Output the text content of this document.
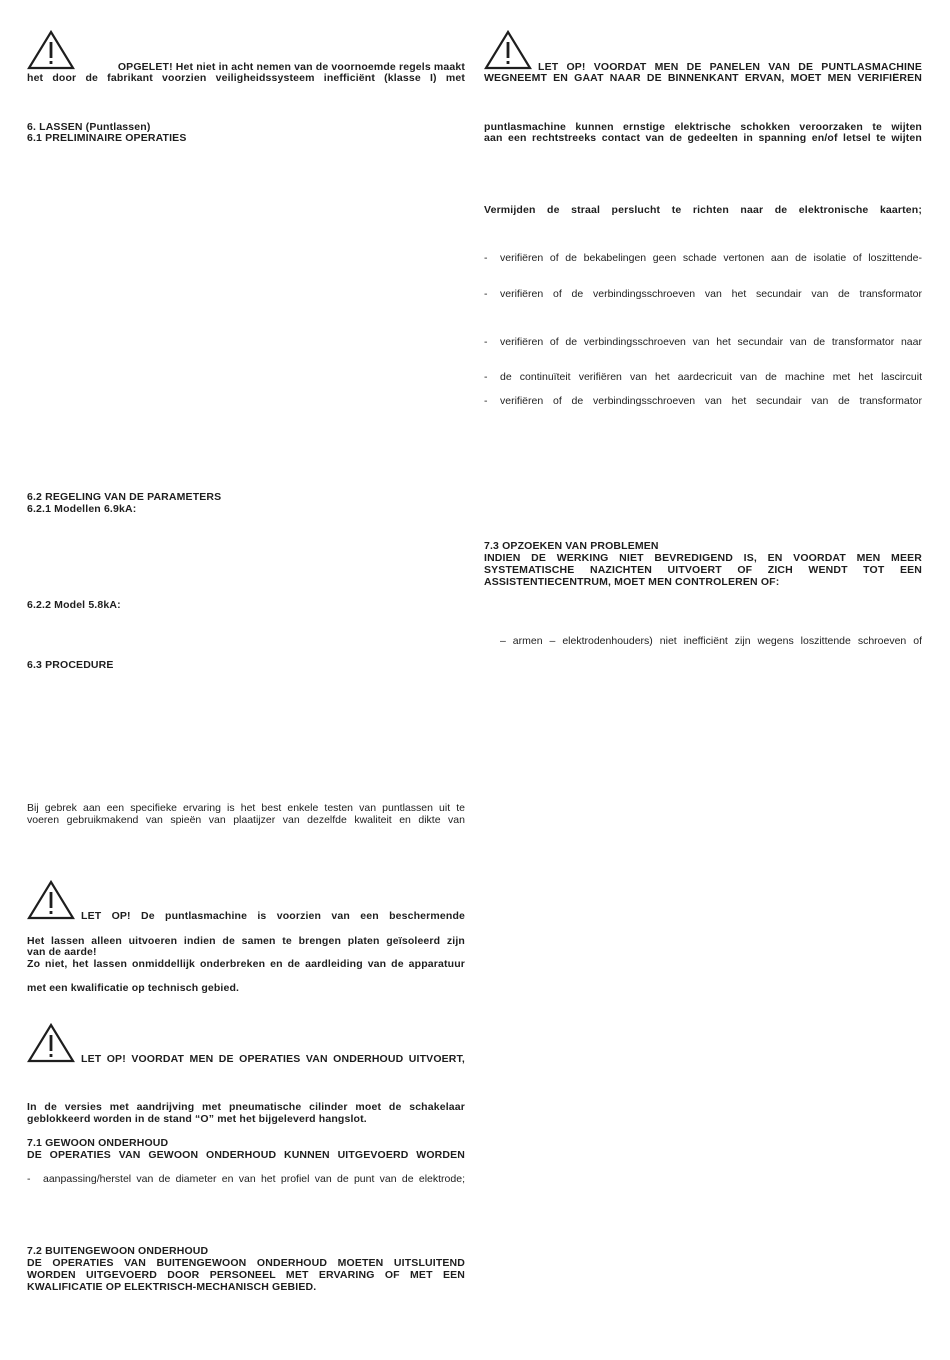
OPGELET! Het niet in acht nemen van de voornoemde regels maakt

het door de fabrikant voorzien veiligheidssysteem inefficiënt (klasse I) met

6. LASSEN (Puntlassen)

6.1 PRELIMINAIRE OPERATIES

6.2 REGELING VAN DE PARAMETERS

6.2.1 Modellen 6.9kA:

6.2.2 Model 5.8kA:

6.3 PROCEDURE

Bij gebrek aan een specifieke ervaring is het best enkele testen van puntlassen uit te

voeren gebruikmakend van spieën van plaatijzer van dezelfde kwaliteit en dikte van

LET OP! De puntlasmachine is voorzien van een beschermende

Het lassen alleen uitvoeren indien de samen te brengen platen geïsoleerd zijn

van de aarde!

Zo niet, het lassen onmiddellijk onderbreken en de aardleiding van de apparatuur

met een kwalificatie op technisch gebied.

LET OP! VOORDAT MEN DE OPERATIES VAN ONDERHOUD UITVOERT,

In de versies met aandrijving met pneumatische cilinder moet de schakelaar

geblokkeerd worden in de stand “O” met het bijgeleverd hangslot.

7.1 GEWOON ONDERHOUD

DE OPERATIES VAN GEWOON ONDERHOUD KUNNEN UITGEVOERD WORDEN

- aanpassing/herstel van de diameter en van het profiel van de punt van de elektrode;

7.2 BUITENGEWOON ONDERHOUD

DE OPERATIES VAN BUITENGEWOON ONDERHOUD MOETEN UITSLUITEND

WORDEN UITGEVOERD DOOR PERSONEEL MET ERVARING OF MET EEN

KWALIFICATIE OP ELEKTRISCH-MECHANISCH GEBIED.

LET OP! VOORDAT MEN DE PANELEN VAN DE PUNTLASMACHINE

WEGNEEMT EN GAAT NAAR DE BINNENKANT ERVAN, MOET MEN VERIFIËREN

puntlasmachine kunnen ernstige elektrische schokken veroorzaken te wijten

aan een rechtstreeks contact van de gedeelten in spanning en/of letsel te wijten

Vermijden de straal perslucht te richten naar de elektronische kaarten;

- verifiëren of de bekabelingen geen schade vertonen aan de isolatie of loszittende-

- verifiëren of de verbindingsschroeven van het secundair van de transformator

- verifiëren of de verbindingsschroeven van het secundair van de transformator naar

- de continuïteit verifiëren van het aardecricuit van de machine met het lascircuit

- verifiëren of de verbindingsschroeven van het secundair van de transformator

7.3 OPZOEKEN VAN PROBLEMEN

INDIEN DE WERKING NIET BEVREDIGEND IS, EN VOORDAT MEN MEER

SYSTEMATISCHE NAZICHTEN UITVOERT OF ZICH WENDT TOT EEN

ASSISTENTIECENTRUM, MOET MEN CONTROLEREN OF:

– armen – elektrodenhouders) niet inefficiënt zijn wegens loszittende schroeven of
